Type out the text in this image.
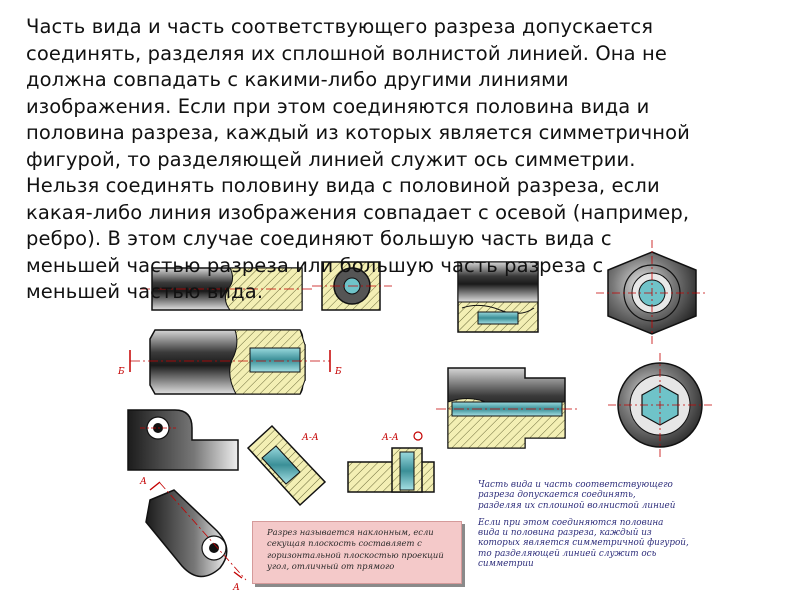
Б	Б
А-А	А-А
А
А
Часть вида и часть соответствующего разреза допускается
соединять, разделяя их сплошной волнистой линией. Она не
должна совпадать с какими-либо другими линиями
изображения. Если при этом соединяются половина вида и
половина разреза, каждый из которых является симметричной
фигурой, то разделяющей линией служит ось симметрии.
Нельзя соединять половину вида с половиной разреза, если
какая-либо линия изображения совпадает с осевой (например,
ребро). В этом случае соединяют большую часть вида с
меньшей частью разреза или большую часть разреза с
меньшей частью вида.

Разрез называется наклонным, если
секущая плоскость составляет с
горизонтальной плоскостью проекций
угол, отличный от прямого

Часть вида и часть соответствующего
разреза допускается соединять,
разделяя их сплошной волнистой линией

Если при этом соединяются половина
вида и половина разреза, каждый из
которых является симметричной фигурой,
то разделяющей линией служит ось
симметрии
